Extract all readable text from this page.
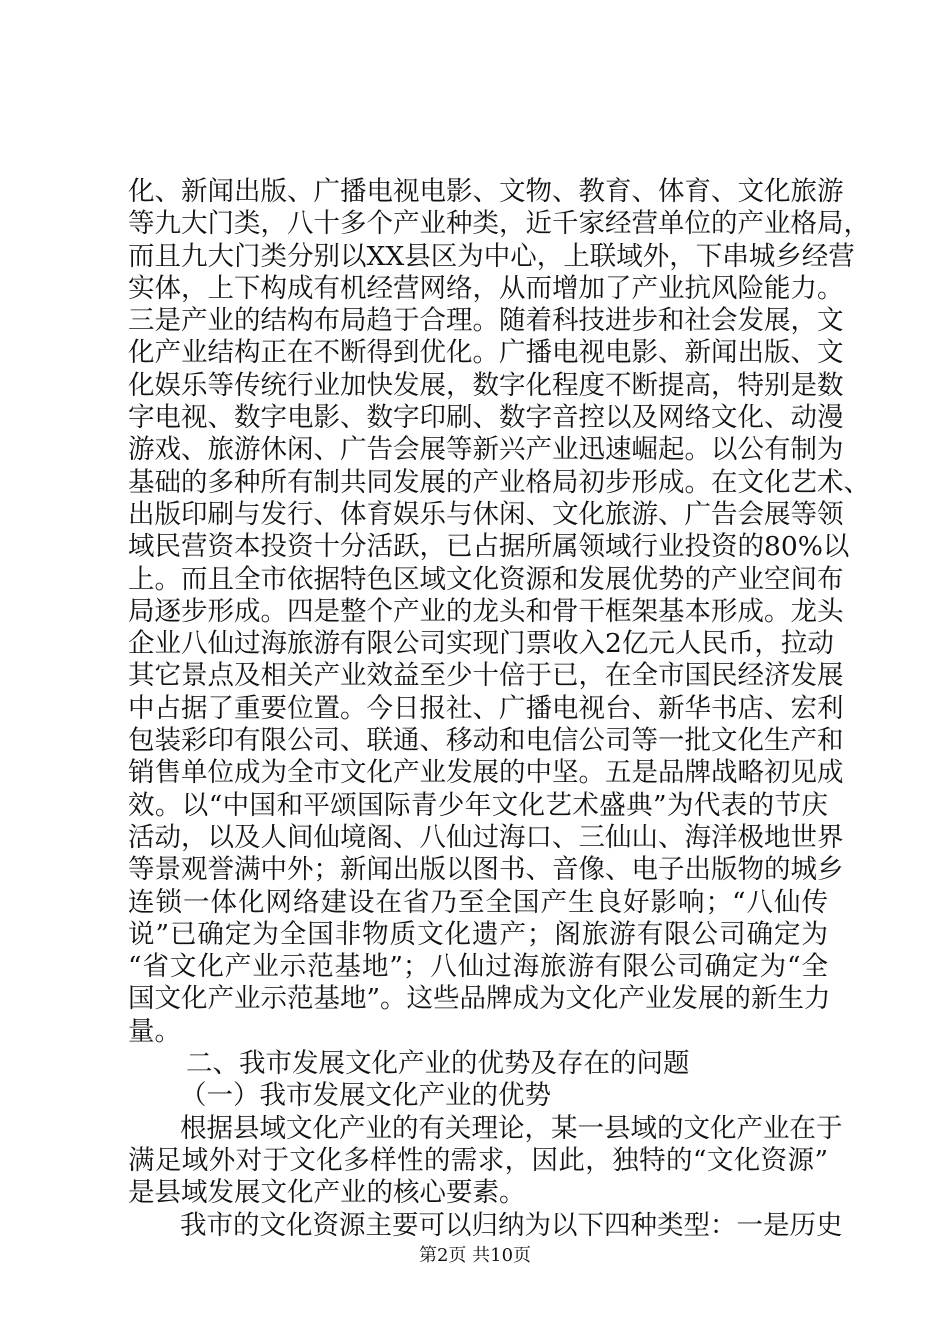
化、新闻出版、广播电视电影、文物、教育、体育、文化旅游
等九大门类，八十多个产业种类，近千家经营单位的产业格局，
而且九大门类分别以XX县区为中心，上联域外，下串城乡经营
实体，上下构成有机经营网络，从而增加了产业抗风险能力。
三是产业的结构布局趋于合理。随着科技进步和社会发展，文
化产业结构正在不断得到优化。广播电视电影、新闻出版、文
化娱乐等传统行业加快发展，数字化程度不断提高，特别是数
字电视、数字电影、数字印刷、数字音控以及网络文化、动漫
游戏、旅游休闲、广告会展等新兴产业迅速崛起。以公有制为
基础的多种所有制共同发展的产业格局初步形成。在文化艺术、
出版印刷与发行、体育娱乐与休闲、文化旅游、广告会展等领
域民营资本投资十分活跃，已占据所属领域行业投资的80%以
上。而且全市依据特色区域文化资源和发展优势的产业空间布
局逐步形成。四是整个产业的龙头和骨干框架基本形成。龙头
企业八仙过海旅游有限公司实现门票收入2亿元人民币，拉动
其它景点及相关产业效益至少十倍于已，在全市国民经济发展
中占据了重要位置。今日报社、广播电视台、新华书店、宏利
包装彩印有限公司、联通、移动和电信公司等一批文化生产和
销售单位成为全市文化产业发展的中坚。五是品牌战略初见成
效。以“中国和平颂国际青少年文化艺术盛典”为代表的节庆
活动，以及人间仙境阁、八仙过海口、三仙山、海洋极地世界
等景观誉满中外；新闻出版以图书、音像、电子出版物的城乡
连锁一体化网络建设在省乃至全国产生良好影响；“八仙传
说”已确定为全国非物质文化遗产；阁旅游有限公司确定为
“省文化产业示范基地”；八仙过海旅游有限公司确定为“全
国文化产业示范基地”。这些品牌成为文化产业发展的新生力
量。
二、我市发展文化产业的优势及存在的问题
（一）我市发展文化产业的优势
根据县域文化产业的有关理论，某一县域的文化产业在于
满足域外对于文化多样性的需求，因此，独特的“文化资源”
是县域发展文化产业的核心要素。
我市的文化资源主要可以归纳为以下四种类型：一是历史
第2页 共10页
